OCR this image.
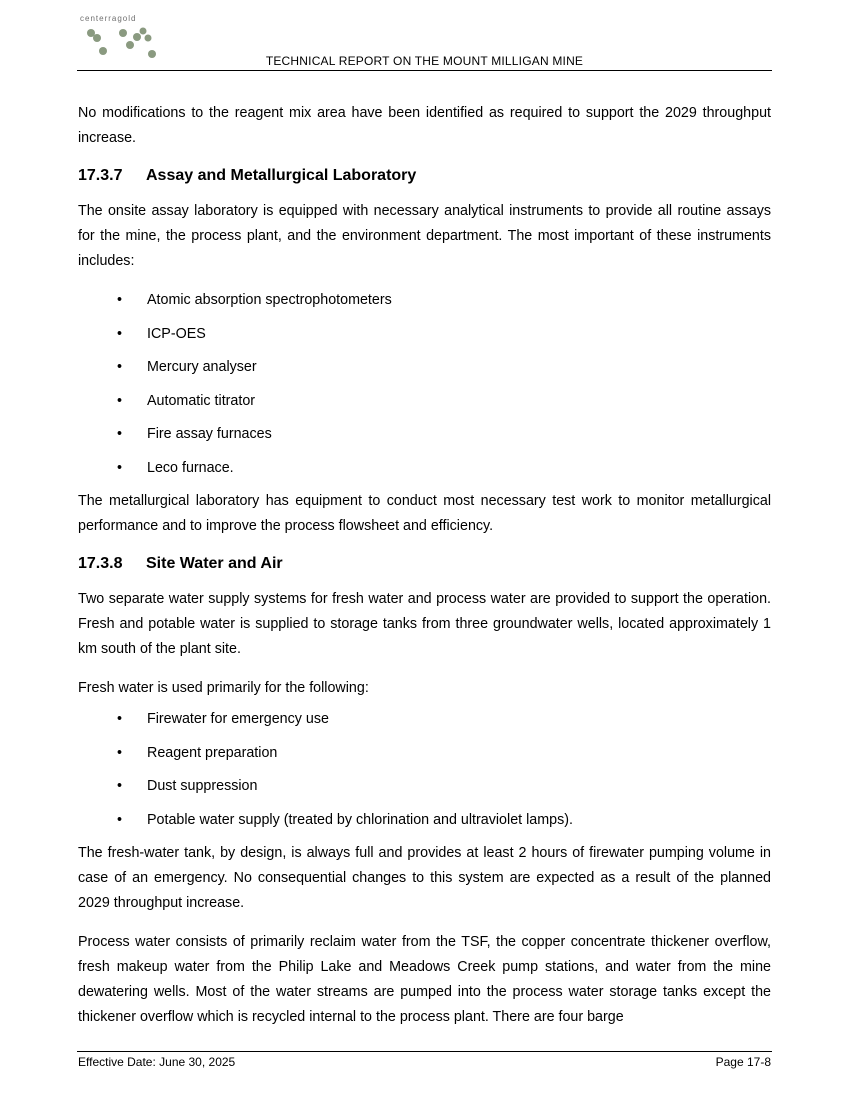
centerragold
TECHNICAL REPORT ON THE MOUNT MILLIGAN MINE

No modifications to the reagent mix area have been identified as required to support the 2029 throughput increase.

17.3.7 Assay and Metallurgical Laboratory

The onsite assay laboratory is equipped with necessary analytical instruments to provide all routine assays for the mine, the process plant, and the environment department. The most important of these instruments includes:

• Atomic absorption spectrophotometers
• ICP-OES
• Mercury analyser
• Automatic titrator
• Fire assay furnaces
• Leco furnace.

The metallurgical laboratory has equipment to conduct most necessary test work to monitor metallurgical performance and to improve the process flowsheet and efficiency.

17.3.8 Site Water and Air

Two separate water supply systems for fresh water and process water are provided to support the operation. Fresh and potable water is supplied to storage tanks from three groundwater wells, located approximately 1 km south of the plant site.

Fresh water is used primarily for the following:

• Firewater for emergency use
• Reagent preparation
• Dust suppression
• Potable water supply (treated by chlorination and ultraviolet lamps).

The fresh-water tank, by design, is always full and provides at least 2 hours of firewater pumping volume in case of an emergency. No consequential changes to this system are expected as a result of the planned 2029 throughput increase.

Process water consists of primarily reclaim water from the TSF, the copper concentrate thickener overflow, fresh makeup water from the Philip Lake and Meadows Creek pump stations, and water from the mine dewatering wells. Most of the water streams are pumped into the process water storage tanks except the thickener overflow which is recycled internal to the process plant. There are four barge

Effective Date: June 30, 2025	Page 17-8
